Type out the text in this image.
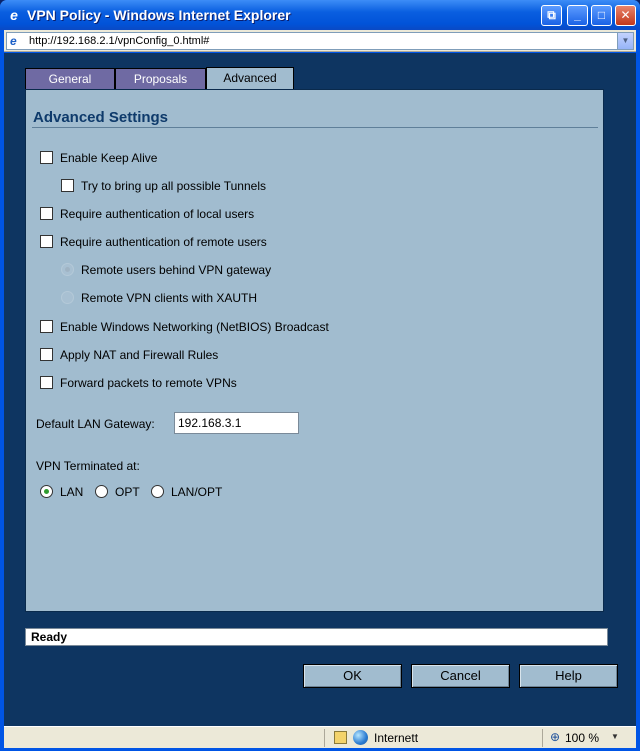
e VPN Policy - Windows Internet Explorer	⧉	_	□	✕
e	http://192.168.2.1/vpnConfig_0.html#	▼
General	Proposals	Advanced
Advanced Settings
Enable Keep Alive
Try to bring up all possible Tunnels
Require authentication of local users
Require authentication of remote users
Remote users behind VPN gateway
Remote VPN clients with XAUTH
Enable Windows Networking (NetBIOS) Broadcast
Apply NAT and Firewall Rules
Forward packets to remote VPNs
Default LAN Gateway:
192.168.3.1
VPN Terminated at:
LAN	OPT	LAN/OPT
Ready
OK	Cancel	Help
Internett	⊕ 100 % ▼
